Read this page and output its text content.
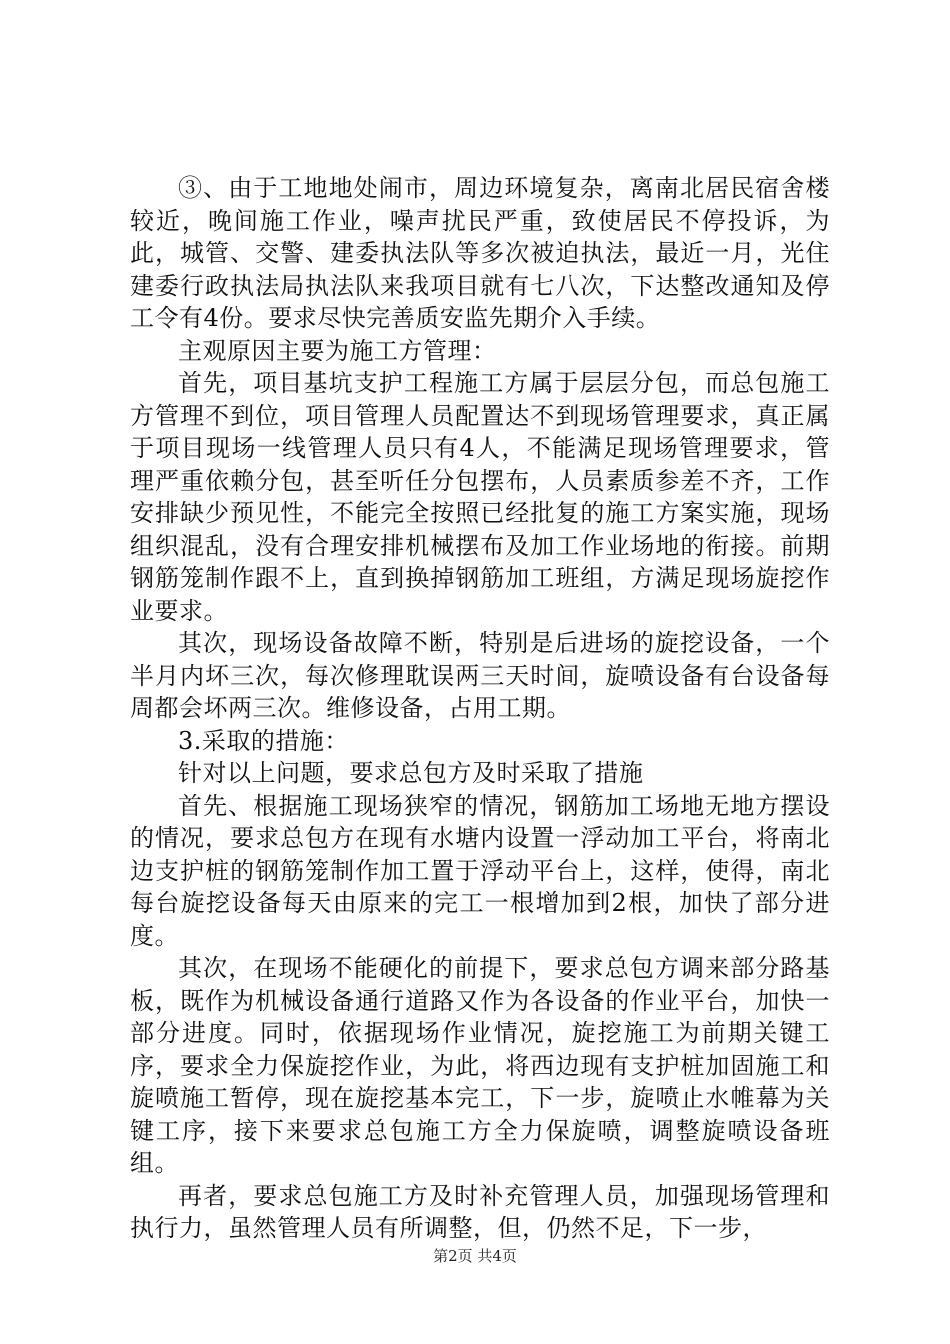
③、由于工地地处闹市，周边环境复杂，离南北居民宿舍楼较近，晚间施工作业，噪声扰民严重，致使居民不停投诉，为此，城管、交警、建委执法队等多次被迫执法，最近一月，光住建委行政执法局执法队来我项目就有七八次，下达整改通知及停工令有4份。要求尽快完善质安监先期介入手续。

主观原因主要为施工方管理：

首先，项目基坑支护工程施工方属于层层分包，而总包施工方管理不到位，项目管理人员配置达不到现场管理要求，真正属于项目现场一线管理人员只有4人，不能满足现场管理要求，管理严重依赖分包，甚至听任分包摆布，人员素质参差不齐，工作安排缺少预见性，不能完全按照已经批复的施工方案实施，现场组织混乱，没有合理安排机械摆布及加工作业场地的衔接。前期钢筋笼制作跟不上，直到换掉钢筋加工班组，方满足现场旋挖作业要求。

其次，现场设备故障不断，特别是后进场的旋挖设备，一个半月内坏三次，每次修理耽误两三天时间，旋喷设备有台设备每周都会坏两三次。维修设备，占用工期。

3.采取的措施：

针对以上问题，要求总包方及时采取了措施

首先、根据施工现场狭窄的情况，钢筋加工场地无地方摆设的情况，要求总包方在现有水塘内设置一浮动加工平台，将南北边支护桩的钢筋笼制作加工置于浮动平台上，这样，使得，南北每台旋挖设备每天由原来的完工一根增加到2根，加快了部分进度。

其次，在现场不能硬化的前提下，要求总包方调来部分路基板，既作为机械设备通行道路又作为各设备的作业平台，加快一部分进度。同时，依据现场作业情况，旋挖施工为前期关键工序，要求全力保旋挖作业，为此，将西边现有支护桩加固施工和旋喷施工暂停，现在旋挖基本完工，下一步，旋喷止水帷幕为关键工序，接下来要求总包施工方全力保旋喷，调整旋喷设备班组。

再者，要求总包施工方及时补充管理人员，加强现场管理和执行力，虽然管理人员有所调整，但，仍然不足，下一步，

第2页 共4页
